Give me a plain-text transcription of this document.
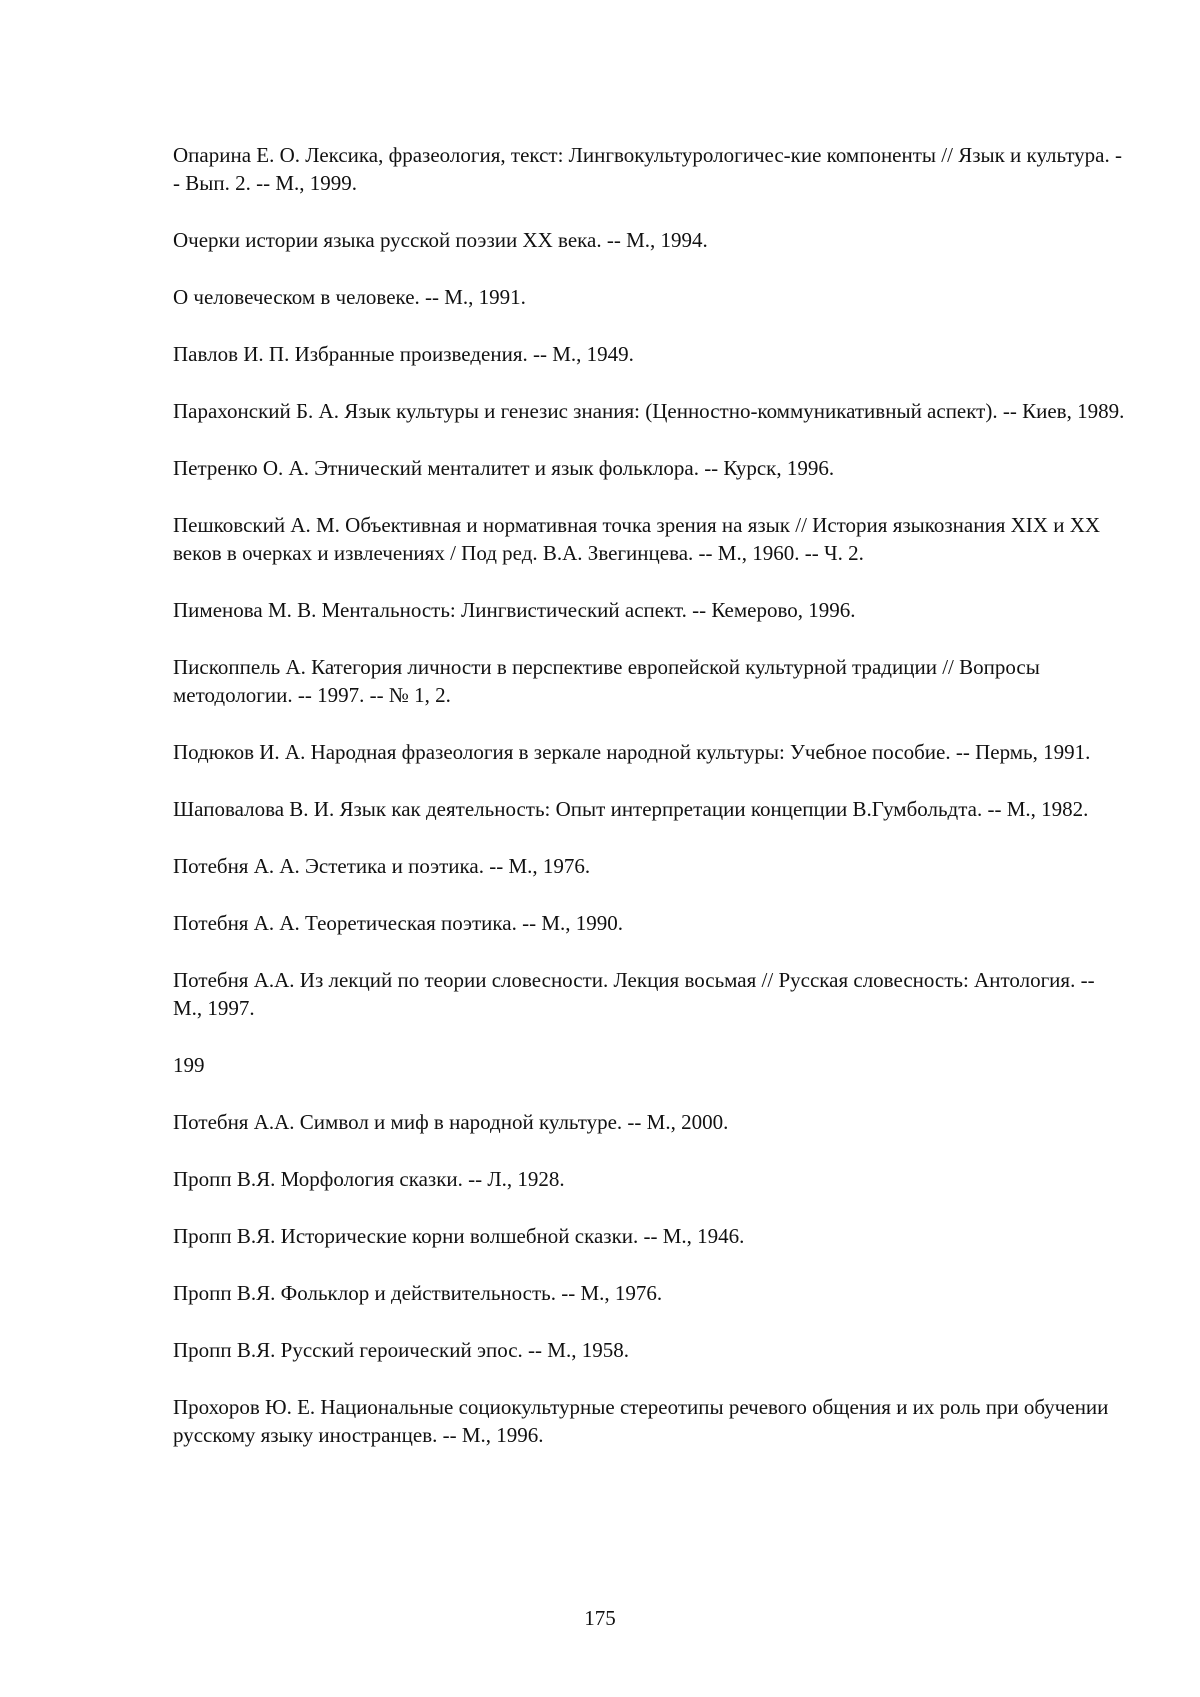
Опарина Е. О. Лексика, фразеология, текст: Лингвокультурологичес-кие компоненты // Язык и культура. -- Вып. 2. -- М., 1999.
Очерки истории языка русской поэзии ХХ века. -- М., 1994.
О человеческом в человеке. -- М., 1991.
Павлов И. П. Избранные произведения. -- М., 1949.
Парахонский Б. А. Язык культуры и генезис знания: (Ценностно-коммуникативный аспект). -- Киев, 1989.
Петренко О. А. Этнический менталитет и язык фольклора. -- Курск, 1996.
Пешковский А. М. Объективная и нормативная точка зрения на язык // История языкознания XIX и ХХ веков в очерках и извлечениях / Под ред. В.А. Звегинцева. -- М., 1960. -- Ч. 2.
Пименова М. В. Ментальность: Лингвистический аспект. -- Кемерово, 1996.
Пископпель А. Категория личности в перспективе европейской культурной традиции // Вопросы методологии. -- 1997. -- № 1, 2.
Подюков И. А. Народная фразеология в зеркале народной культуры: Учебное пособие. -- Пермь, 1991.
Шаповалова В. И. Язык как деятельность: Опыт интерпретации концепции В.Гумбольдта. -- М., 1982.
Потебня А. А. Эстетика и поэтика. -- М., 1976.
Потебня А. А. Теоретическая поэтика. -- М., 1990.
Потебня А.А. Из лекций по теории словесности. Лекция восьмая // Русская словесность: Антология. -- М., 1997.
199
Потебня А.А. Символ и миф в народной культуре. -- М., 2000.
Пропп В.Я. Морфология сказки. -- Л., 1928.
Пропп В.Я. Исторические корни волшебной сказки. -- М., 1946.
Пропп В.Я. Фольклор и действительность. -- М., 1976.
Пропп В.Я. Русский героический эпос. -- М., 1958.
Прохоров Ю. Е. Национальные социокультурные стереотипы речевого общения и их роль при обучении русскому языку иностранцев. -- М., 1996.

175
